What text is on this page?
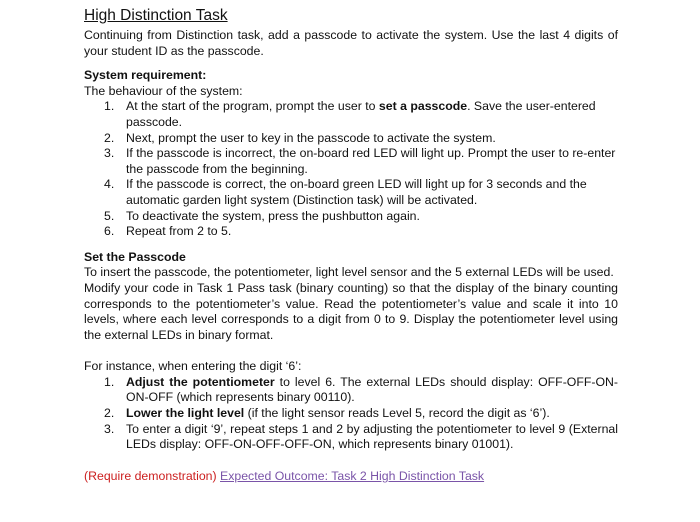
High Distinction Task

Continuing from Distinction task, add a passcode to activate the system. Use the last 4 digits of your student ID as the passcode.

System requirement:

The behaviour of the system:

1. At the start of the program, prompt the user to set a passcode. Save the user-entered passcode.
2. Next, prompt the user to key in the passcode to activate the system.
3. If the passcode is incorrect, the on-board red LED will light up. Prompt the user to re-enter the passcode from the beginning.
4. If the passcode is correct, the on-board green LED will light up for 3 seconds and the automatic garden light system (Distinction task) will be activated.
5. To deactivate the system, press the pushbutton again.
6. Repeat from 2 to 5.

Set the Passcode

To insert the passcode, the potentiometer, light level sensor and the 5 external LEDs will be used.

Modify your code in Task 1 Pass task (binary counting) so that the display of the binary counting corresponds to the potentiometer’s value. Read the potentiometer’s value and scale it into 10 levels, where each level corresponds to a digit from 0 to 9. Display the potentiometer level using the external LEDs in binary format.

For instance, when entering the digit ‘6’:

1. Adjust the potentiometer to level 6. The external LEDs should display: OFF-OFF-ON-ON-OFF (which represents binary 00110).
2. Lower the light level (if the light sensor reads Level 5, record the digit as ‘6’).
3. To enter a digit ‘9’, repeat steps 1 and 2 by adjusting the potentiometer to level 9 (External LEDs display: OFF-ON-OFF-OFF-ON, which represents binary 01001).

(Require demonstration) Expected Outcome: Task 2 High Distinction Task
